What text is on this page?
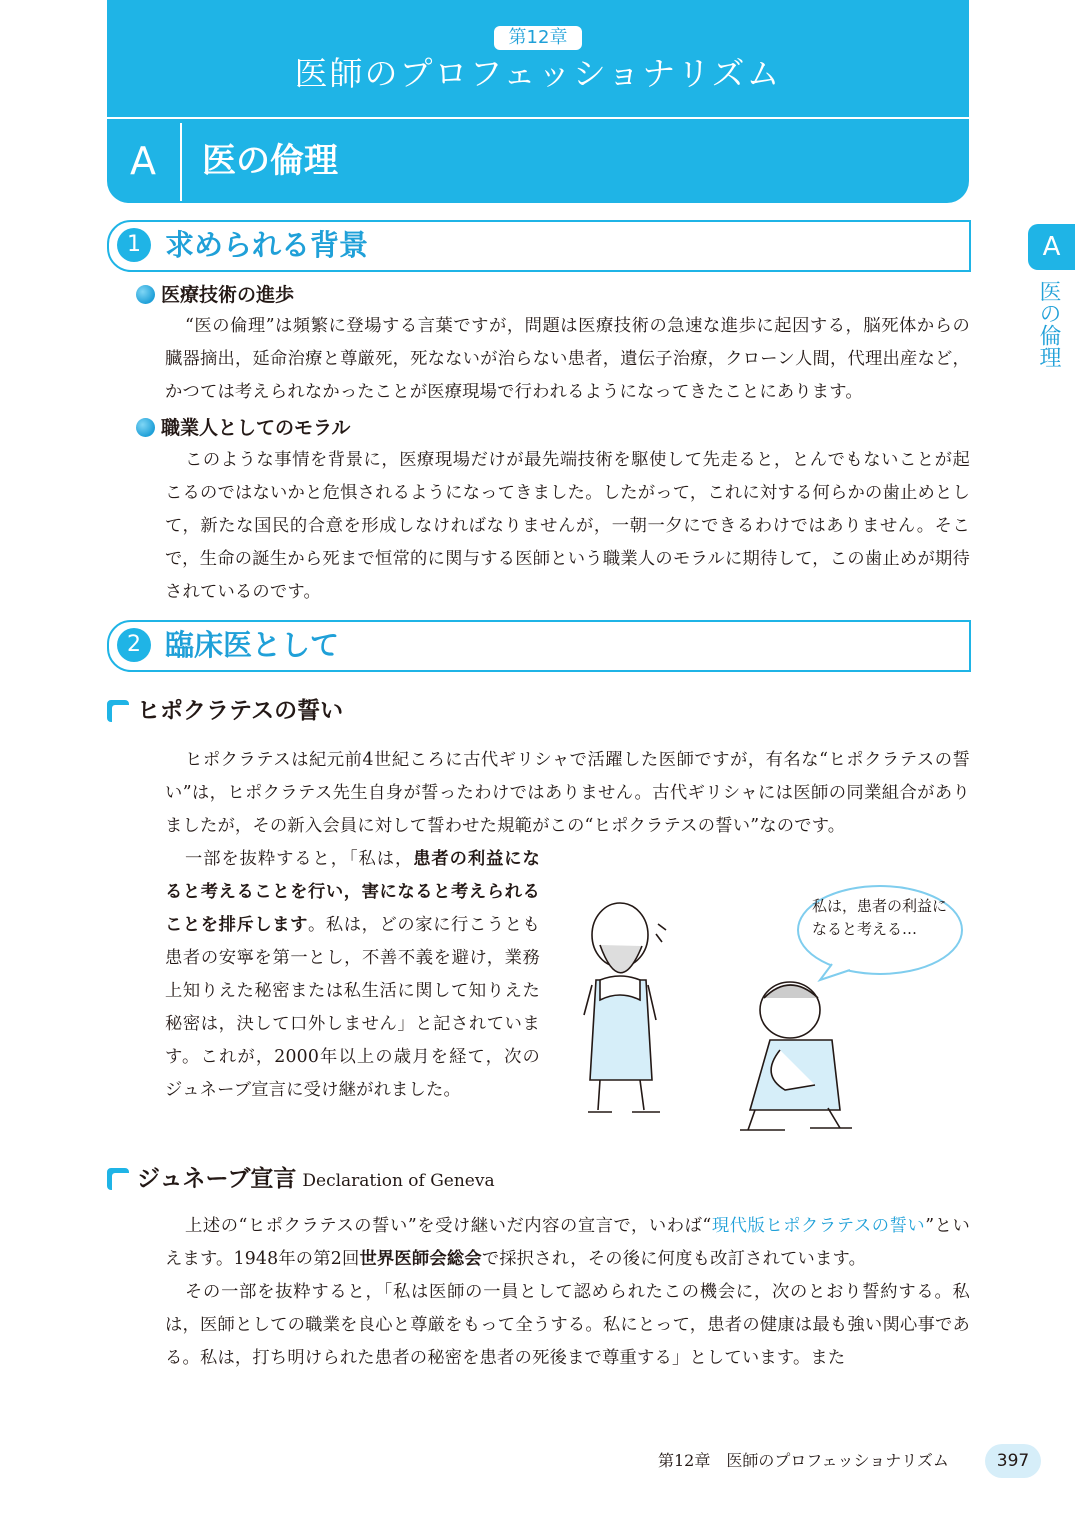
第12章
医師のプロフェッショナリズム
A 医の倫理
A
医の倫理
1 求められる背景
医療技術の進歩
“医の倫理”は頻繁に登場する言葉ですが，問題は医療技術の急速な進歩に起因する，脳死体からの臓器摘出，延命治療と尊厳死，死なないが治らない患者，遺伝子治療，クローン人間，代理出産など，かつては考えられなかったことが医療現場で行われるようになってきたことにあります。
職業人としてのモラル
このような事情を背景に，医療現場だけが最先端技術を駆使して先走ると，とんでもないことが起こるのではないかと危惧されるようになってきました。したがって，これに対する何らかの歯止めとして，新たな国民的合意を形成しなければなりませんが，一朝一夕にできるわけではありません。そこで，生命の誕生から死まで恒常的に関与する医師という職業人のモラルに期待して，この歯止めが期待されているのです。
2 臨床医として
ヒポクラテスの誓い
ヒポクラテスは紀元前4世紀ころに古代ギリシャで活躍した医師ですが，有名な“ヒポクラテスの誓い”は，ヒポクラテス先生自身が誓ったわけではありません。古代ギリシャには医師の同業組合がありましたが，その新入会員に対して誓わせた規範がこの“ヒポクラテスの誓い”なのです。
一部を抜粋すると，「私は，患者の利益になると考えることを行い，害になると考えられることを排斥します。私は，どの家に行こうとも患者の安寧を第一とし，不善不義を避け，業務上知りえた秘密または私生活に関して知りえた秘密は，決して口外しません」と記されています。これが，2000年以上の歳月を経て，次のジュネーブ宣言に受け継がれました。
私は，患者の利益になると考える…
ジュネーブ宣言 Declaration of Geneva
上述の“ヒポクラテスの誓い”を受け継いだ内容の宣言で，いわば“現代版ヒポクラテスの誓い”といえます。1948年の第2回世界医師会総会で採択され，その後に何度も改訂されています。
その一部を抜粋すると，「私は医師の一員として認められたこの機会に，次のとおり誓約する。私は，医師としての職業を良心と尊厳をもって全うする。私にとって，患者の健康は最も強い関心事である。私は，打ち明けられた患者の秘密を患者の死後まで尊重する」としています。また
第12章　医師のプロフェッショナリズム	397
